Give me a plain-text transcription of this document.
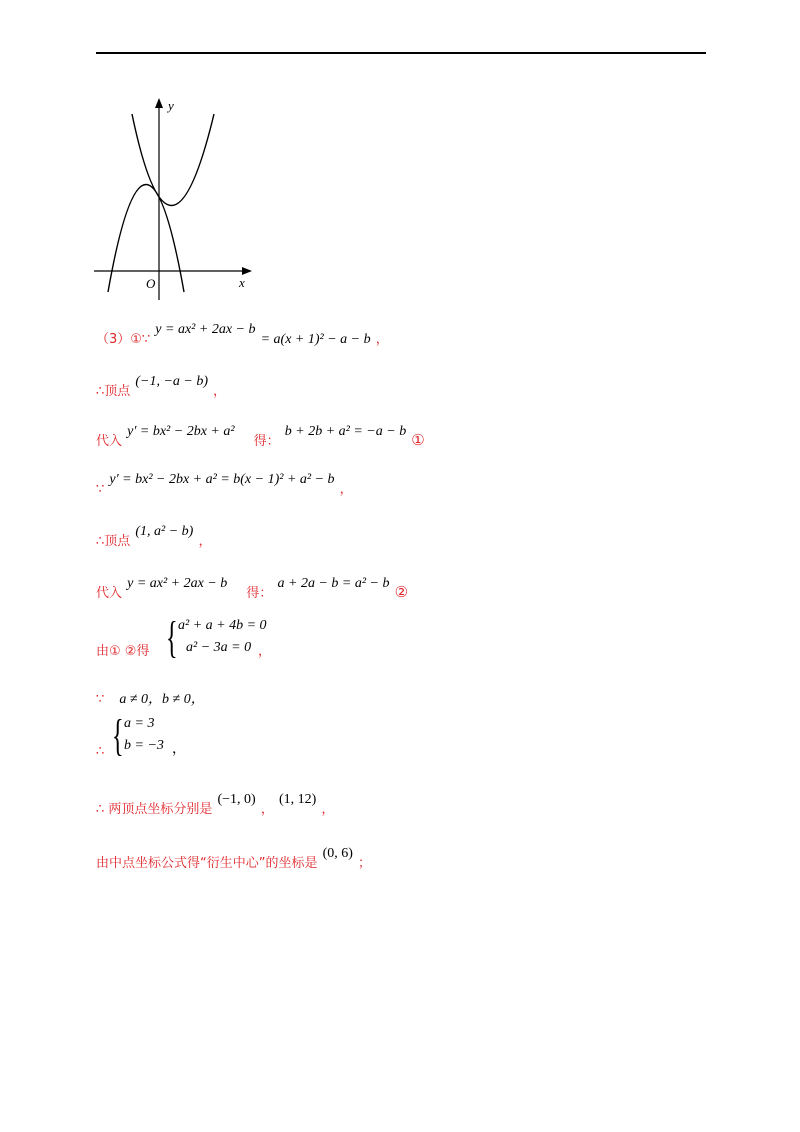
y
x
O
（3）①∵ y = ax² + 2ax − b = a(x + 1)² − a − b ，
∴顶点 (−1, −a − b) ，
代入 y′ = bx² − 2bx + a² 得： b + 2b + a² = −a − b ①
∵ y′ = bx² − 2bx + a² = b(x − 1)² + a² − b ，
∴顶点 (1, a² − b) ，
代入 y = ax² + 2ax − b 得： a + 2a − b = a² − b ②
由① ②得 { a² + a + 4b = 0
a² − 3a = 0 ，
∵ a ≠ 0，b ≠ 0，
∴ { a = 3
b = −3 ，
∴ 两顶点坐标分别是 (−1, 0) ， (1, 12) ，
由中点坐标公式得“衍生中心”的坐标是 (0, 6) ；
